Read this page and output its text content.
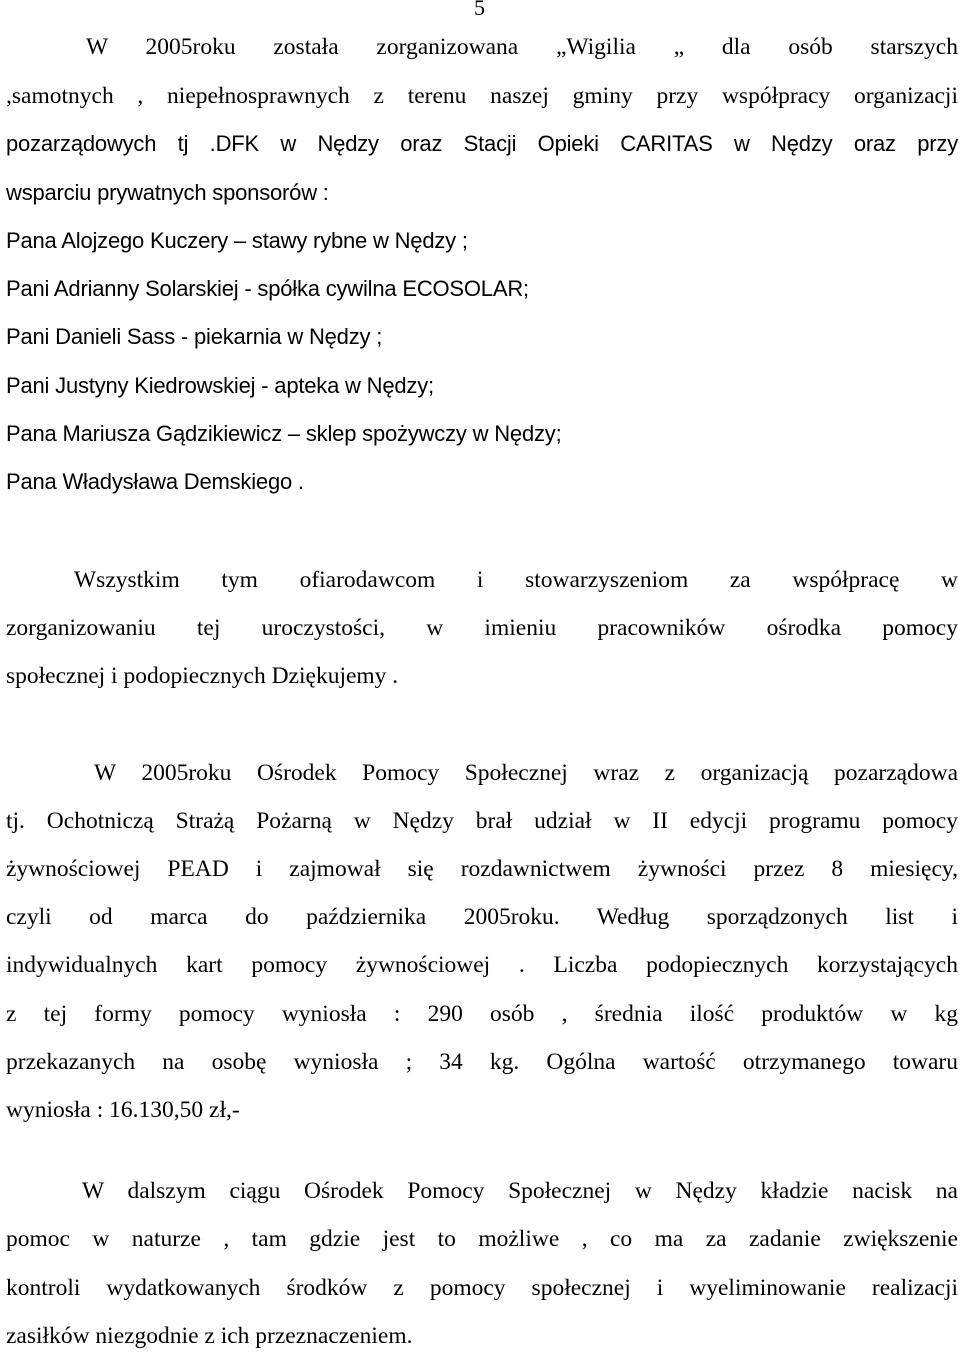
5
W 2005roku została zorganizowana „Wigilia „ dla osób starszych
,samotnych , niepełnosprawnych z terenu naszej gminy przy współpracy organizacji
pozarządowych tj .DFK w Nędzy oraz Stacji Opieki CARITAS w Nędzy oraz przy
wsparciu prywatnych sponsorów :
Pana Alojzego Kuczery – stawy rybne w Nędzy ;
Pani Adrianny Solarskiej - spółka cywilna ECOSOLAR;
Pani Danieli Sass - piekarnia w Nędzy ;
Pani Justyny Kiedrowskiej - apteka w Nędzy;
Pana Mariusza Gądzikiewicz – sklep spożywczy w Nędzy;
Pana Władysława Demskiego .
Wszystkim tym ofiarodawcom i stowarzyszeniom za współpracę w
zorganizowaniu tej uroczystości, w imieniu pracowników ośrodka pomocy
społecznej i podopiecznych Dziękujemy .
W 2005roku Ośrodek Pomocy Społecznej wraz z organizacją pozarządowa
tj. Ochotniczą Strażą Pożarną w Nędzy brał udział w II edycji programu pomocy
żywnościowej PEAD i zajmował się rozdawnictwem żywności przez 8 miesięcy,
czyli od marca do października 2005roku. Według sporządzonych list i
indywidualnych kart pomocy żywnościowej . Liczba podopiecznych korzystających
z tej formy pomocy wyniosła : 290 osób , średnia ilość produktów w kg
przekazanych na osobę wyniosła ; 34 kg. Ogólna wartość otrzymanego towaru
wyniosła : 16.130,50 zł,-
W dalszym ciągu Ośrodek Pomocy Społecznej w Nędzy kładzie nacisk na
pomoc w naturze , tam gdzie jest to możliwe , co ma za zadanie zwiększenie
kontroli wydatkowanych środków z pomocy społecznej i wyeliminowanie realizacji
zasiłków niezgodnie z ich przeznaczeniem.
